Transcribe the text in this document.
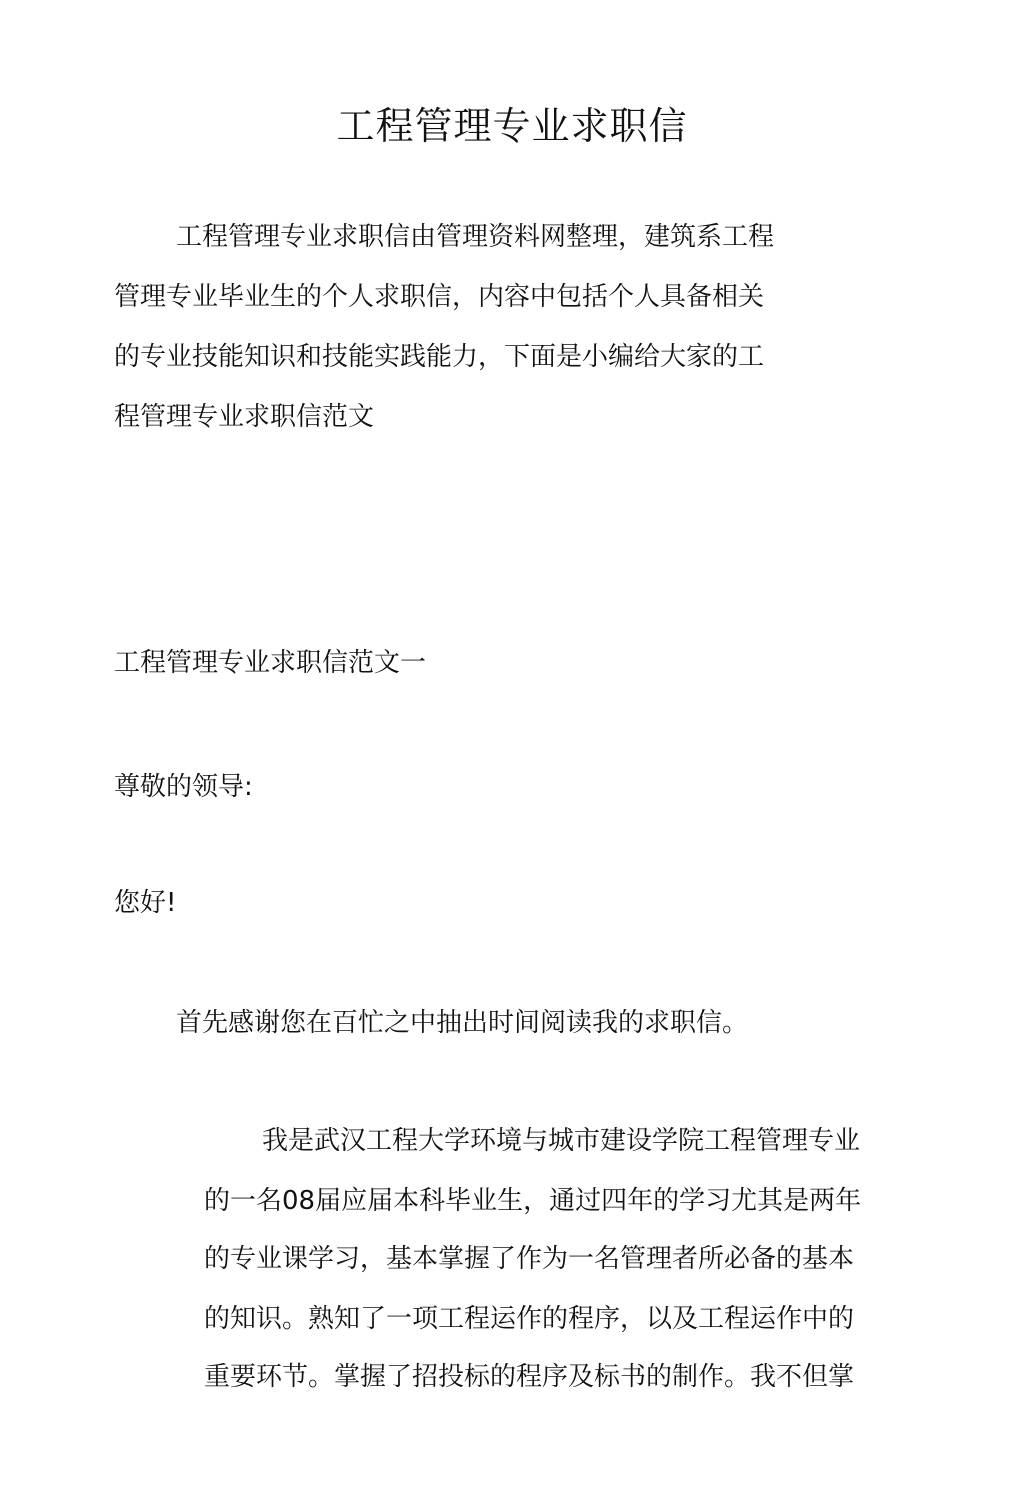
工程管理专业求职信

工程管理专业求职信由管理资料网整理，建筑系工程

管理专业毕业生的个人求职信，内容中包括个人具备相关

的专业技能知识和技能实践能力，下面是小编给大家的工

程管理专业求职信范文

工程管理专业求职信范文一

尊敬的领导:

您好!

首先感谢您在百忙之中抽出时间阅读我的求职信。

我是武汉工程大学环境与城市建设学院工程管理专业

的一名08届应届本科毕业生，通过四年的学习尤其是两年

的专业课学习，基本掌握了作为一名管理者所必备的基本

的知识。熟知了一项工程运作的程序，以及工程运作中的

重要环节。掌握了招投标的程序及标书的制作。我不但掌
